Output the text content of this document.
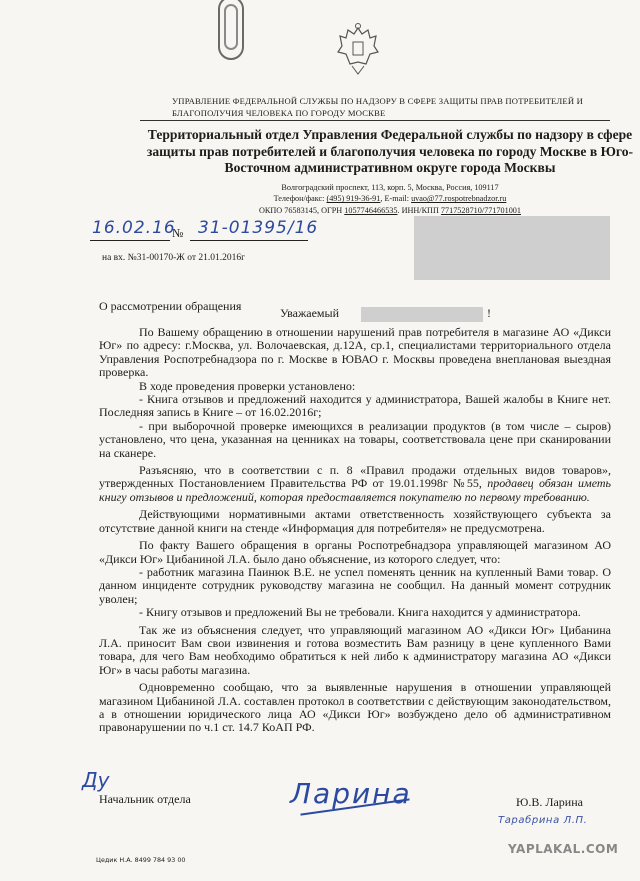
УПРАВЛЕНИЕ ФЕДЕРАЛЬНОЙ СЛУЖБЫ ПО НАДЗОРУ В СФЕРЕ ЗАЩИТЫ ПРАВ ПОТРЕБИТЕЛЕЙ И БЛАГОПОЛУЧИЯ ЧЕЛОВЕКА ПО ГОРОДУ МОСКВЕ
Территориальный отдел Управления Федеральной службы по надзору в сфере защиты прав потребителей и благополучия человека по городу Москве в Юго-Восточном административном округе города Москвы
Волгоградский проспект, 113, корп. 5, Москва, Россия, 109117
Телефон/факс: (495) 919-36-91, E-mail: uvao@77.rospotrebnadzor.ru
ОКПО 76583145, ОГРН 1057746466535. ИНН/КПП 7717528710/771701001
16.02.16
№ 31-01395/16
на вх. №31-00170-Ж от 21.01.2016г
О рассмотрении обращения	Уважаемый	!

По Вашему обращению в отношении нарушений прав потребителя в магазине АО «Дикси Юг» по адресу: г.Москва, ул. Волочаевская, д.12А, ср.1, специалистами территориального отдела Управления Роспотребнадзора по г. Москве в ЮВАО г. Москвы проведена внеплановая выездная проверка.

В ходе проведения проверки установлено:

- Книга отзывов и предложений находится у администратора, Вашей жалобы в Книге нет. Последняя запись в Книге – от 16.02.2016г;

- при выборочной проверке имеющихся в реализации продуктов (в том числе – сыров) установлено, что цена, указанная на ценниках на товары, соответствовала цене при сканировании на сканере.

Разъясняю, что в соответствии с п. 8 «Правил продажи отдельных видов товаров», утвержденных Постановлением Правительства РФ от 19.01.1998г №55, продавец обязан иметь книгу отзывов и предложений, которая предоставляется покупателю по первому требованию.

Действующими нормативными актами ответственность хозяйствующего субъекта за отсутствие данной книги на стенде «Информация для потребителя» не предусмотрена.

По факту Вашего обращения в органы Роспотребнадзора управляющей магазином АО «Дикси Юг» Цибаниной Л.А. было дано объяснение, из которого следует, что:

- работник магазина Паинюк В.Е. не успел поменять ценник на купленный Вами товар. О данном инциденте сотрудник руководству магазина не сообщил. На данный момент сотрудник уволен;

- Книгу отзывов и предложений Вы не требовали. Книга находится у администратора.

Так же из объяснения следует, что управляющий магазином АО «Дикси Юг» Цибанина Л.А. приносит Вам свои извинения и готова возместить Вам разницу в цене купленного Вами товара, для чего Вам необходимо обратиться к ней либо к администратору магазина АО «Дикси Юг» в часы работы магазина.

Одновременно сообщаю, что за выявленные нарушения в отношении управляющей магазином Цибаниной Л.А. составлен протокол в соответствии с действующим законодательством, а в отношении юридического лица АО «Дикси Юг» возбуждено дело об административном правонарушении по ч.1 ст. 14.7 КоАП РФ.

Ду
Начальник отдела	Ларина	Ю.В. Ларина
Тарабрина Л.П.
Цедик Н.А. 8499 784 93 00
YAPLAKAL.COM
